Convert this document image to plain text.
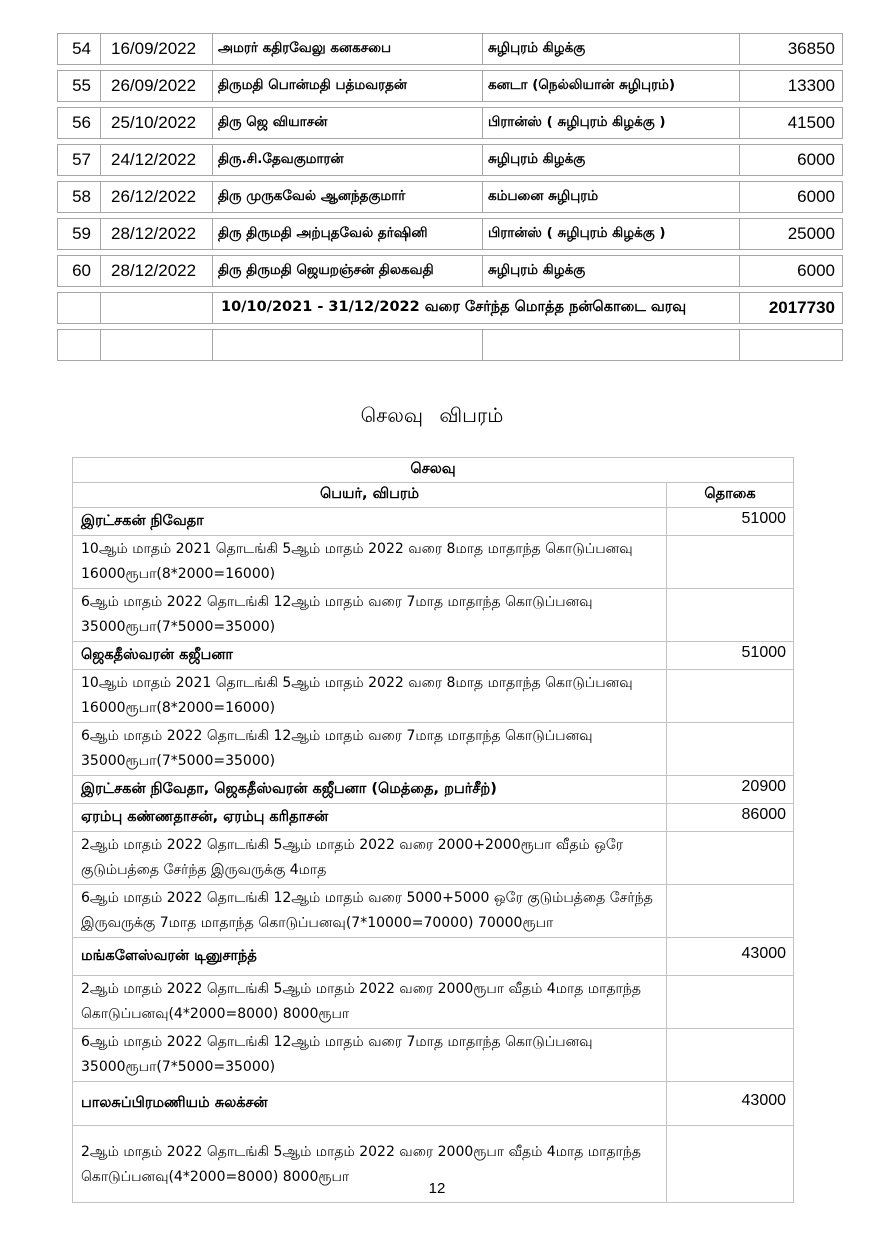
54	16/09/2022	அமரர் கதிரவேலு கனகசபை	சுழிபுரம் கிழக்கு	36850
55	26/09/2022	திருமதி பொன்மதி பத்மவரதன்	கனடா (நெல்லியான் சுழிபுரம்)	13300
56	25/10/2022	திரு ஜெ வியாசன்	பிரான்ஸ் ( சுழிபுரம் கிழக்கு )	41500
57	24/12/2022	திரு.சி.தேவகுமாரன்	சுழிபுரம் கிழக்கு	6000
58	26/12/2022	திரு முருகவேல் ஆனந்தகுமார்	கம்பனை சுழிபுரம்	6000
59	28/12/2022	திரு திருமதி அற்புதவேல் தர்ஷினி	பிரான்ஸ் ( சுழிபுரம் கிழக்கு )	25000
60	28/12/2022	திரு திருமதி ஜெயறஞ்சன் திலகவதி	சுழிபுரம் கிழக்கு	6000
		10/10/2021 - 31/12/2022 வரை சேர்ந்த மொத்த நன்கொடை வரவு		2017730

செலவு விபரம்
செலவு	
பெயர், விபரம்	தொகை
இரட்சகன் நிவேதா	51000
10ஆம் மாதம் 2021 தொடங்கி 5ஆம் மாதம் 2022 வரை 8மாத மாதாந்த கொடுப்பனவு 16000ரூபா(8*2000=16000)	
6ஆம் மாதம் 2022 தொடங்கி 12ஆம் மாதம் வரை 7மாத மாதாந்த கொடுப்பனவு 35000ரூபா(7*5000=35000)	
ஜெகதீஸ்வரன் கஜீபனா	51000
10ஆம் மாதம் 2021 தொடங்கி 5ஆம் மாதம் 2022 வரை 8மாத மாதாந்த கொடுப்பனவு 16000ரூபா(8*2000=16000)	
6ஆம் மாதம் 2022 தொடங்கி 12ஆம் மாதம் வரை 7மாத மாதாந்த கொடுப்பனவு 35000ரூபா(7*5000=35000)	
இரட்சகன் நிவேதா, ஜெகதீஸ்வரன் கஜீபனா (மெத்தை, றபர்சீற்)	20900
ஏரம்பு கண்ணதாசன், ஏரம்பு கரிதாசன்	86000
2ஆம் மாதம் 2022 தொடங்கி 5ஆம் மாதம் 2022 வரை 2000+2000ரூபா வீதம் ஒரே குடும்பத்தை சேர்ந்த இருவருக்கு 4மாத	
6ஆம் மாதம் 2022 தொடங்கி 12ஆம் மாதம் வரை 5000+5000 ஒரே குடும்பத்தை சேர்ந்த இருவருக்கு 7மாத மாதாந்த கொடுப்பனவு(7*10000=70000) 70000ரூபா	
மங்களேஸ்வரன் டினுசாந்த்	43000
2ஆம் மாதம் 2022 தொடங்கி 5ஆம் மாதம் 2022 வரை 2000ரூபா வீதம் 4மாத மாதாந்த கொடுப்பனவு(4*2000=8000) 8000ரூபா	
6ஆம் மாதம் 2022 தொடங்கி 12ஆம் மாதம் வரை 7மாத மாதாந்த கொடுப்பனவு 35000ரூபா(7*5000=35000)	
பாலசுப்பிரமணியம் சுலக்சன்	43000
2ஆம் மாதம் 2022 தொடங்கி 5ஆம் மாதம் 2022 வரை 2000ரூபா வீதம் 4மாத மாதாந்த கொடுப்பனவு(4*2000=8000) 8000ரூபா	
12
